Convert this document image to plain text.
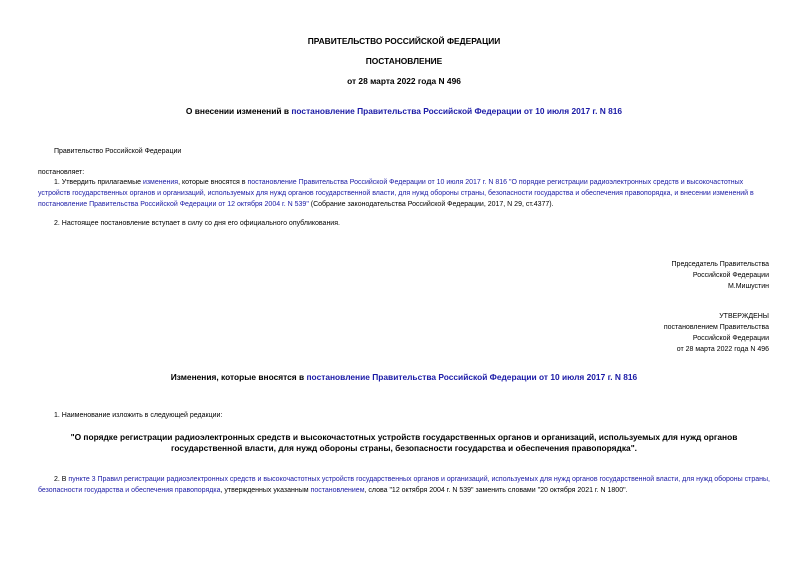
ПРАВИТЕЛЬСТВО РОССИЙСКОЙ ФЕДЕРАЦИИ
ПОСТАНОВЛЕНИЕ
от 28 марта 2022 года N 496
О внесении изменений в постановление Правительства Российской Федерации от 10 июля 2017 г. N 816
Правительство Российской Федерации
постановляет:
1. Утвердить прилагаемые изменения, которые вносятся в постановление Правительства Российской Федерации от 10 июля 2017 г. N 816 "О порядке регистрации радиоэлектронных средств и высокочастотных устройств государственных органов и организаций, используемых для нужд органов государственной власти, для нужд обороны страны, безопасности государства и обеспечения правопорядка, и внесении изменений в постановление Правительства Российской Федерации от 12 октября 2004 г. N 539" (Собрание законодательства Российской Федерации, 2017, N 29, ст.4377).
2. Настоящее постановление вступает в силу со дня его официального опубликования.
Председатель Правительства
Российской Федерации
М.Мишустин
УТВЕРЖДЕНЫ
постановлением Правительства
Российской Федерации
от 28 марта 2022 года N 496
Изменения, которые вносятся в постановление Правительства Российской Федерации от 10 июля 2017 г. N 816
1. Наименование изложить в следующей редакции:
"О порядке регистрации радиоэлектронных средств и высокочастотных устройств государственных органов и организаций, используемых для нужд органов государственной власти, для нужд обороны страны, безопасности государства и обеспечения правопорядка".
2. В пункте 3 Правил регистрации радиоэлектронных средств и высокочастотных устройств государственных органов и организаций, используемых для нужд органов государственной власти, для нужд обороны страны, безопасности государства и обеспечения правопорядка, утвержденных указанным постановлением, слова "12 октября 2004 г. N 539" заменить словами "20 октября 2021 г. N 1800".
